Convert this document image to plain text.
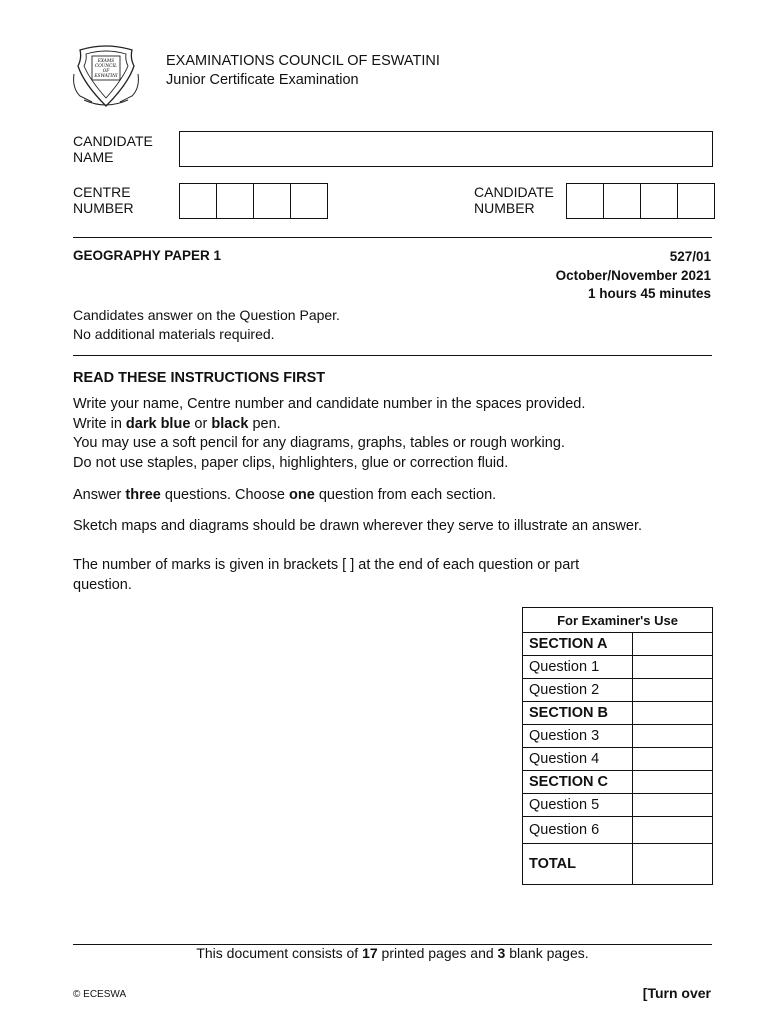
EXAMS
COUNCIL
OF
ESWATINI
EXAMINATIONS COUNCIL OF ESWATINI
Junior Certificate Examination
CANDIDATE
NAME
CENTRE
NUMBER
CANDIDATE
NUMBER
GEOGRAPHY PAPER 1	527/01
October/November 2021
1 hours 45 minutes
Candidates answer on the Question Paper.
No additional materials required.
READ THESE INSTRUCTIONS FIRST

Write your name, Centre number and candidate number in the spaces provided.

Write in dark blue or black pen.

You may use a soft pencil for any diagrams, graphs, tables or rough working.

Do not use staples, paper clips, highlighters, glue or correction fluid.

Answer three questions. Choose one question from each section.
Sketch maps and diagrams should be drawn wherever they serve to illustrate an answer.

The number of marks is given in brackets [ ] at the end of each question or part

question.

For Examiner's Use	
SECTION A	
Question 1	
Question 2	
SECTION B	
Question 3	
Question 4	
SECTION C	
Question 5	
Question 6	
TOTAL	
This document consists of 17 printed pages and 3 blank pages.
© ECESWA	[Turn over
